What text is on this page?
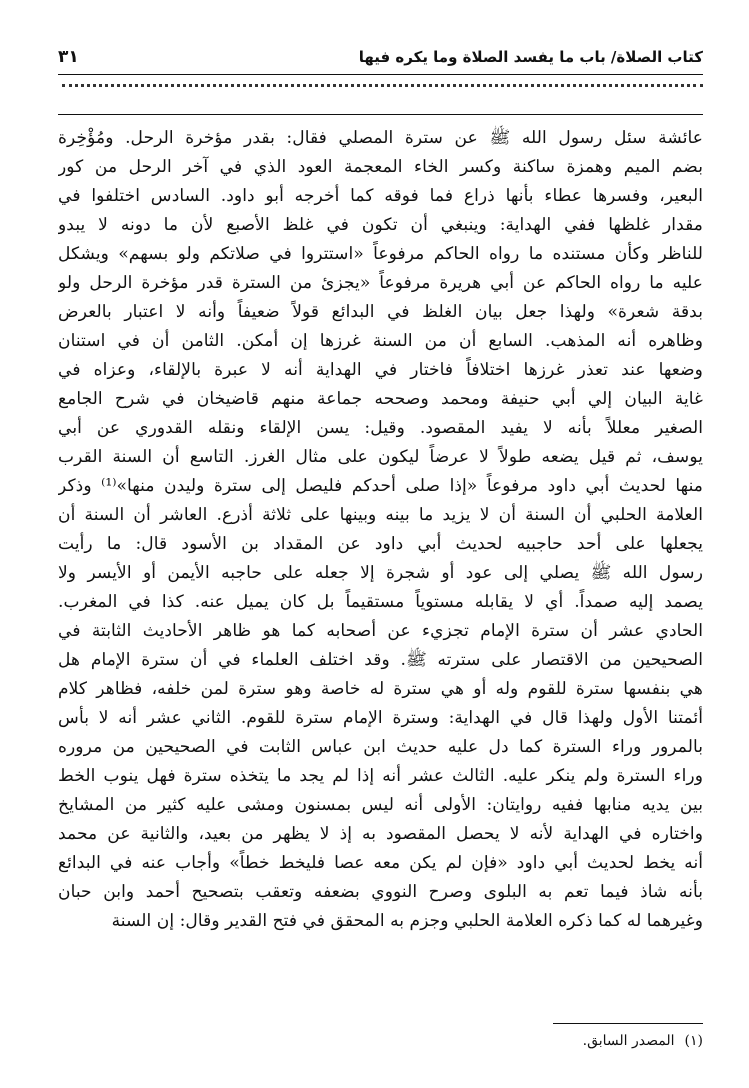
كتاب الصلاة/ باب ما يفسد الصلاة وما يكره فيها
٣١
عائشة سئل رسول الله ﷺ عن سترة المصلي فقال: بقدر مؤخرة الرحل. ومُؤْخِرة
بضم الميم وهمزة ساكنة وكسر الخاء المعجمة العود الذي في آخر الرحل من كور
البعير، وفسرها عطاء بأنها ذراع فما فوقه كما أخرجه أبو داود. السادس اختلفوا في
مقدار غلظها ففي الهداية: وينبغي أن تكون في غلظ الأصبع لأن ما دونه لا يبدو
للناظر وكأن مستنده ما رواه الحاكم مرفوعاً «استتروا في صلاتكم ولو بسهم» ويشكل
عليه ما رواه الحاكم عن أبي هريرة مرفوعاً «يجزئ من السترة قدر مؤخرة الرحل ولو
بدقة شعرة» ولهذا جعل بيان الغلظ في البدائع قولاً ضعيفاً وأنه لا اعتبار بالعرض
وظاهره أنه المذهب. السابع أن من السنة غرزها إن أمكن. الثامن أن في استنان
وضعها عند تعذر غرزها اختلافاً فاختار في الهداية أنه لا عبرة بالإلقاء، وعزاه في
غاية البيان إلي أبي حنيفة ومحمد وصححه جماعة منهم قاضيخان في شرح الجامع
الصغير معللاً بأنه لا يفيد المقصود. وقيل: يسن الإلقاء ونقله القدوري عن أبي
يوسف، ثم قيل يضعه طولاً لا عرضاً ليكون على مثال الغرز. التاسع أن السنة القرب
منها لحديث أبي داود مرفوعاً «إذا صلى أحدكم فليصل إلى سترة وليدن منها»⁽¹⁾ وذكر
العلامة الحلبي أن السنة أن لا يزيد ما بينه وبينها على ثلاثة أذرع. العاشر أن السنة أن
يجعلها على أحد حاجبيه لحديث أبي داود عن المقداد بن الأسود قال: ما رأيت
رسول الله ﷺ يصلي إلى عود أو شجرة إلا جعله على حاجبه الأيمن أو الأيسر ولا
يصمد إليه صمداً. أي لا يقابله مستوياً مستقيماً بل كان يميل عنه. كذا في المغرب.
الحادي عشر أن سترة الإمام تجزيء عن أصحابه كما هو ظاهر الأحاديث الثابتة في
الصحيحين من الاقتصار على سترته ﷺ. وقد اختلف العلماء في أن سترة الإمام هل
هي بنفسها سترة للقوم وله أو هي سترة له خاصة وهو سترة لمن خلفه، فظاهر كلام
أئمتنا الأول ولهذا قال في الهداية: وسترة الإمام سترة للقوم. الثاني عشر أنه لا بأس
بالمرور وراء السترة كما دل عليه حديث ابن عباس الثابت في الصحيحين من مروره
وراء السترة ولم ينكر عليه. الثالث عشر أنه إذا لم يجد ما يتخذه سترة فهل ينوب الخط
بين يديه منابها ففيه روايتان: الأولى أنه ليس بمسنون ومشى عليه كثير من المشايخ
واختاره في الهداية لأنه لا يحصل المقصود به إذ لا يظهر من بعيد، والثانية عن محمد
أنه يخط لحديث أبي داود «فإن لم يكن معه عصا فليخط خطاً» وأجاب عنه في البدائع
بأنه شاذ فيما تعم به البلوى وصرح النووي بضعفه وتعقب بتصحيح أحمد وابن حبان
وغيرهما له كما ذكره العلامة الحلبي وجزم به المحقق في فتح القدير وقال: إن السنة
(١)المصدر السابق.
